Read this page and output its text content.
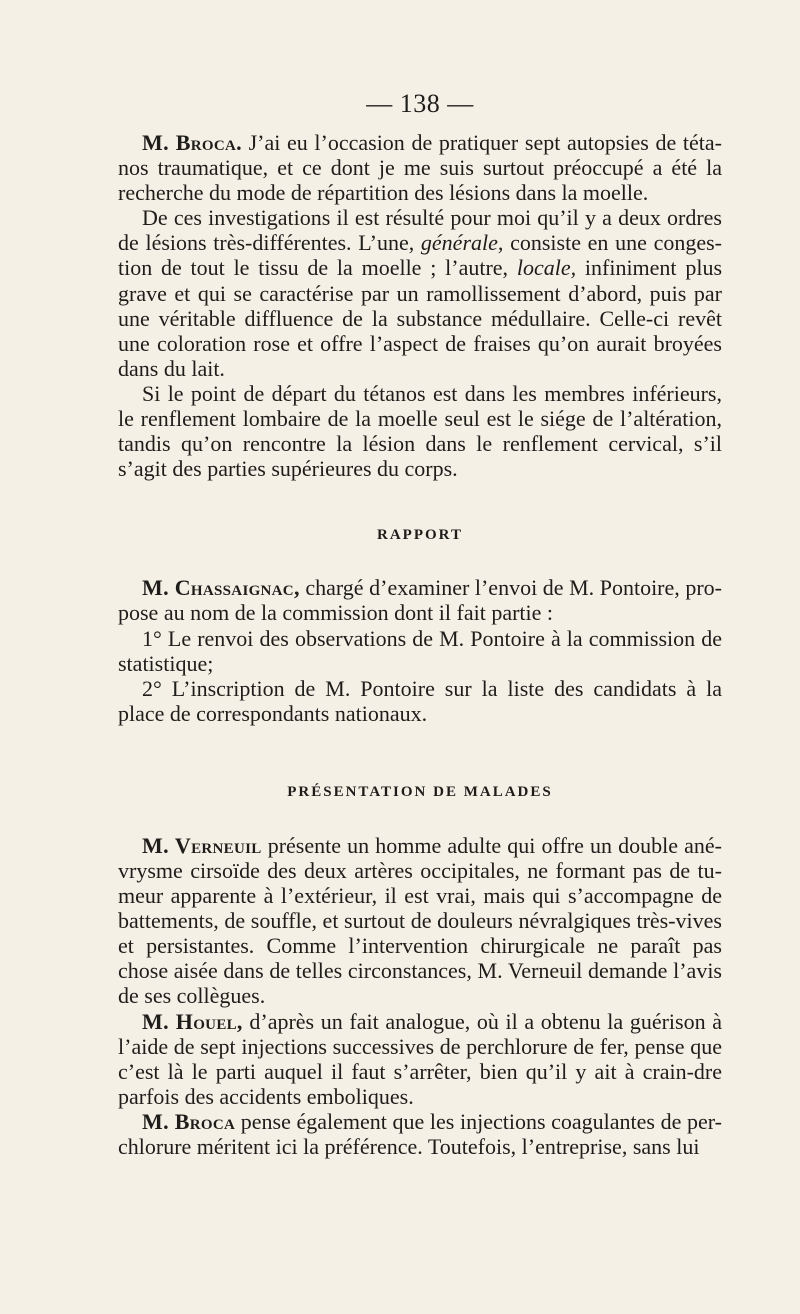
— 138 —

M. Broca. J’ai eu l’occasion de pratiquer sept autopsies de téta-nos traumatique, et ce dont je me suis surtout préoccupé a été la recherche du mode de répartition des lésions dans la moelle.

De ces investigations il est résulté pour moi qu’il y a deux ordres de lésions très-différentes. L’une, générale, consiste en une conges-tion de tout le tissu de la moelle ; l’autre, locale, infiniment plus grave et qui se caractérise par un ramollissement d’abord, puis par une véritable diffluence de la substance médullaire. Celle-ci revêt une coloration rose et offre l’aspect de fraises qu’on aurait broyées dans du lait.

Si le point de départ du tétanos est dans les membres inférieurs, le renflement lombaire de la moelle seul est le siége de l’altération, tandis qu’on rencontre la lésion dans le renflement cervical, s’il s’agit des parties supérieures du corps.

RAPPORT

M. Chassaignac, chargé d’examiner l’envoi de M. Pontoire, pro-pose au nom de la commission dont il fait partie :

1° Le renvoi des observations de M. Pontoire à la commission de statistique;

2° L’inscription de M. Pontoire sur la liste des candidats à la place de correspondants nationaux.

PRÉSENTATION DE MALADES

M. Verneuil présente un homme adulte qui offre un double ané-vrysme cirsoïde des deux artères occipitales, ne formant pas de tu-meur apparente à l’extérieur, il est vrai, mais qui s’accompagne de battements, de souffle, et surtout de douleurs névralgiques très-vives et persistantes. Comme l’intervention chirurgicale ne paraît pas chose aisée dans de telles circonstances, M. Verneuil demande l’avis de ses collègues.

M. Houel, d’après un fait analogue, où il a obtenu la guérison à l’aide de sept injections successives de perchlorure de fer, pense que c’est là le parti auquel il faut s’arrêter, bien qu’il y ait à crain-dre parfois des accidents emboliques.

M. Broca pense également que les injections coagulantes de per-chlorure méritent ici la préférence. Toutefois, l’entreprise, sans lui
